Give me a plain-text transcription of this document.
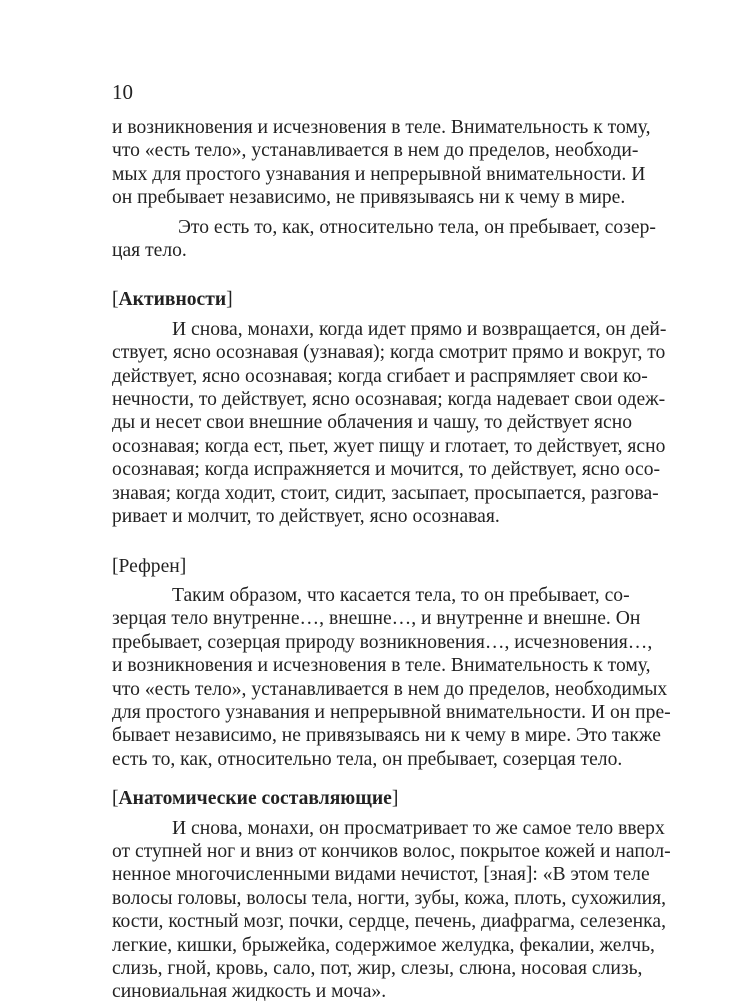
10

и возникновения и исчезновения в теле. Внимательность к тому,
что «есть тело», устанавливается в нем до пределов, необходи-
мых для простого узнавания и непрерывной внимательности. И
он пребывает независимо, не привязываясь ни к чему в мире.

Это есть то, как, относительно тела, он пребывает, созер-
цая тело.

[Активности]

И снова, монахи, когда идет прямо и возвращается, он дей-
ствует, ясно осознавая (узнавая); когда смотрит прямо и вокруг, то
действует, ясно осознавая; когда сгибает и распрямляет свои ко-
нечности, то действует, ясно осознавая; когда надевает свои одеж-
ды и несет свои внешние облачения и чашу, то действует ясно
осознавая; когда ест, пьет, жует пищу и глотает, то действует, ясно
осознавая; когда испражняется и мочится, то действует, ясно осо-
знавая; когда ходит, стоит, сидит, засыпает, просыпается, разгова-
ривает и молчит, то действует, ясно осознавая.

[Рефрен]

Таким образом, что касается тела, то он пребывает, со-
зерцая тело внутренне…, внешне…, и внутренне и внешне. Он
пребывает, созерцая природу возникновения…, исчезновения…,
и возникновения и исчезновения в теле. Внимательность к тому,
что «есть тело», устанавливается в нем до пределов, необходимых
для простого узнавания и непрерывной внимательности. И он пре-
бывает независимо, не привязываясь ни к чему в мире. Это также
есть то, как, относительно тела, он пребывает, созерцая тело.

[Анатомические составляющие]

И снова, монахи, он просматривает то же самое тело вверх
от ступней ног и вниз от кончиков волос, покрытое кожей и напол-
ненное многочисленными видами нечистот, [зная]: «В этом теле
волосы головы, волосы тела, ногти, зубы, кожа, плоть, сухожилия,
кости, костный мозг, почки, сердце, печень, диафрагма, селезенка,
легкие, кишки, брыжейка, содержимое желудка, фекалии, желчь,
слизь, гной, кровь, сало, пот, жир, слезы, слюна, носовая слизь,
синовиальная жидкость и моча».
